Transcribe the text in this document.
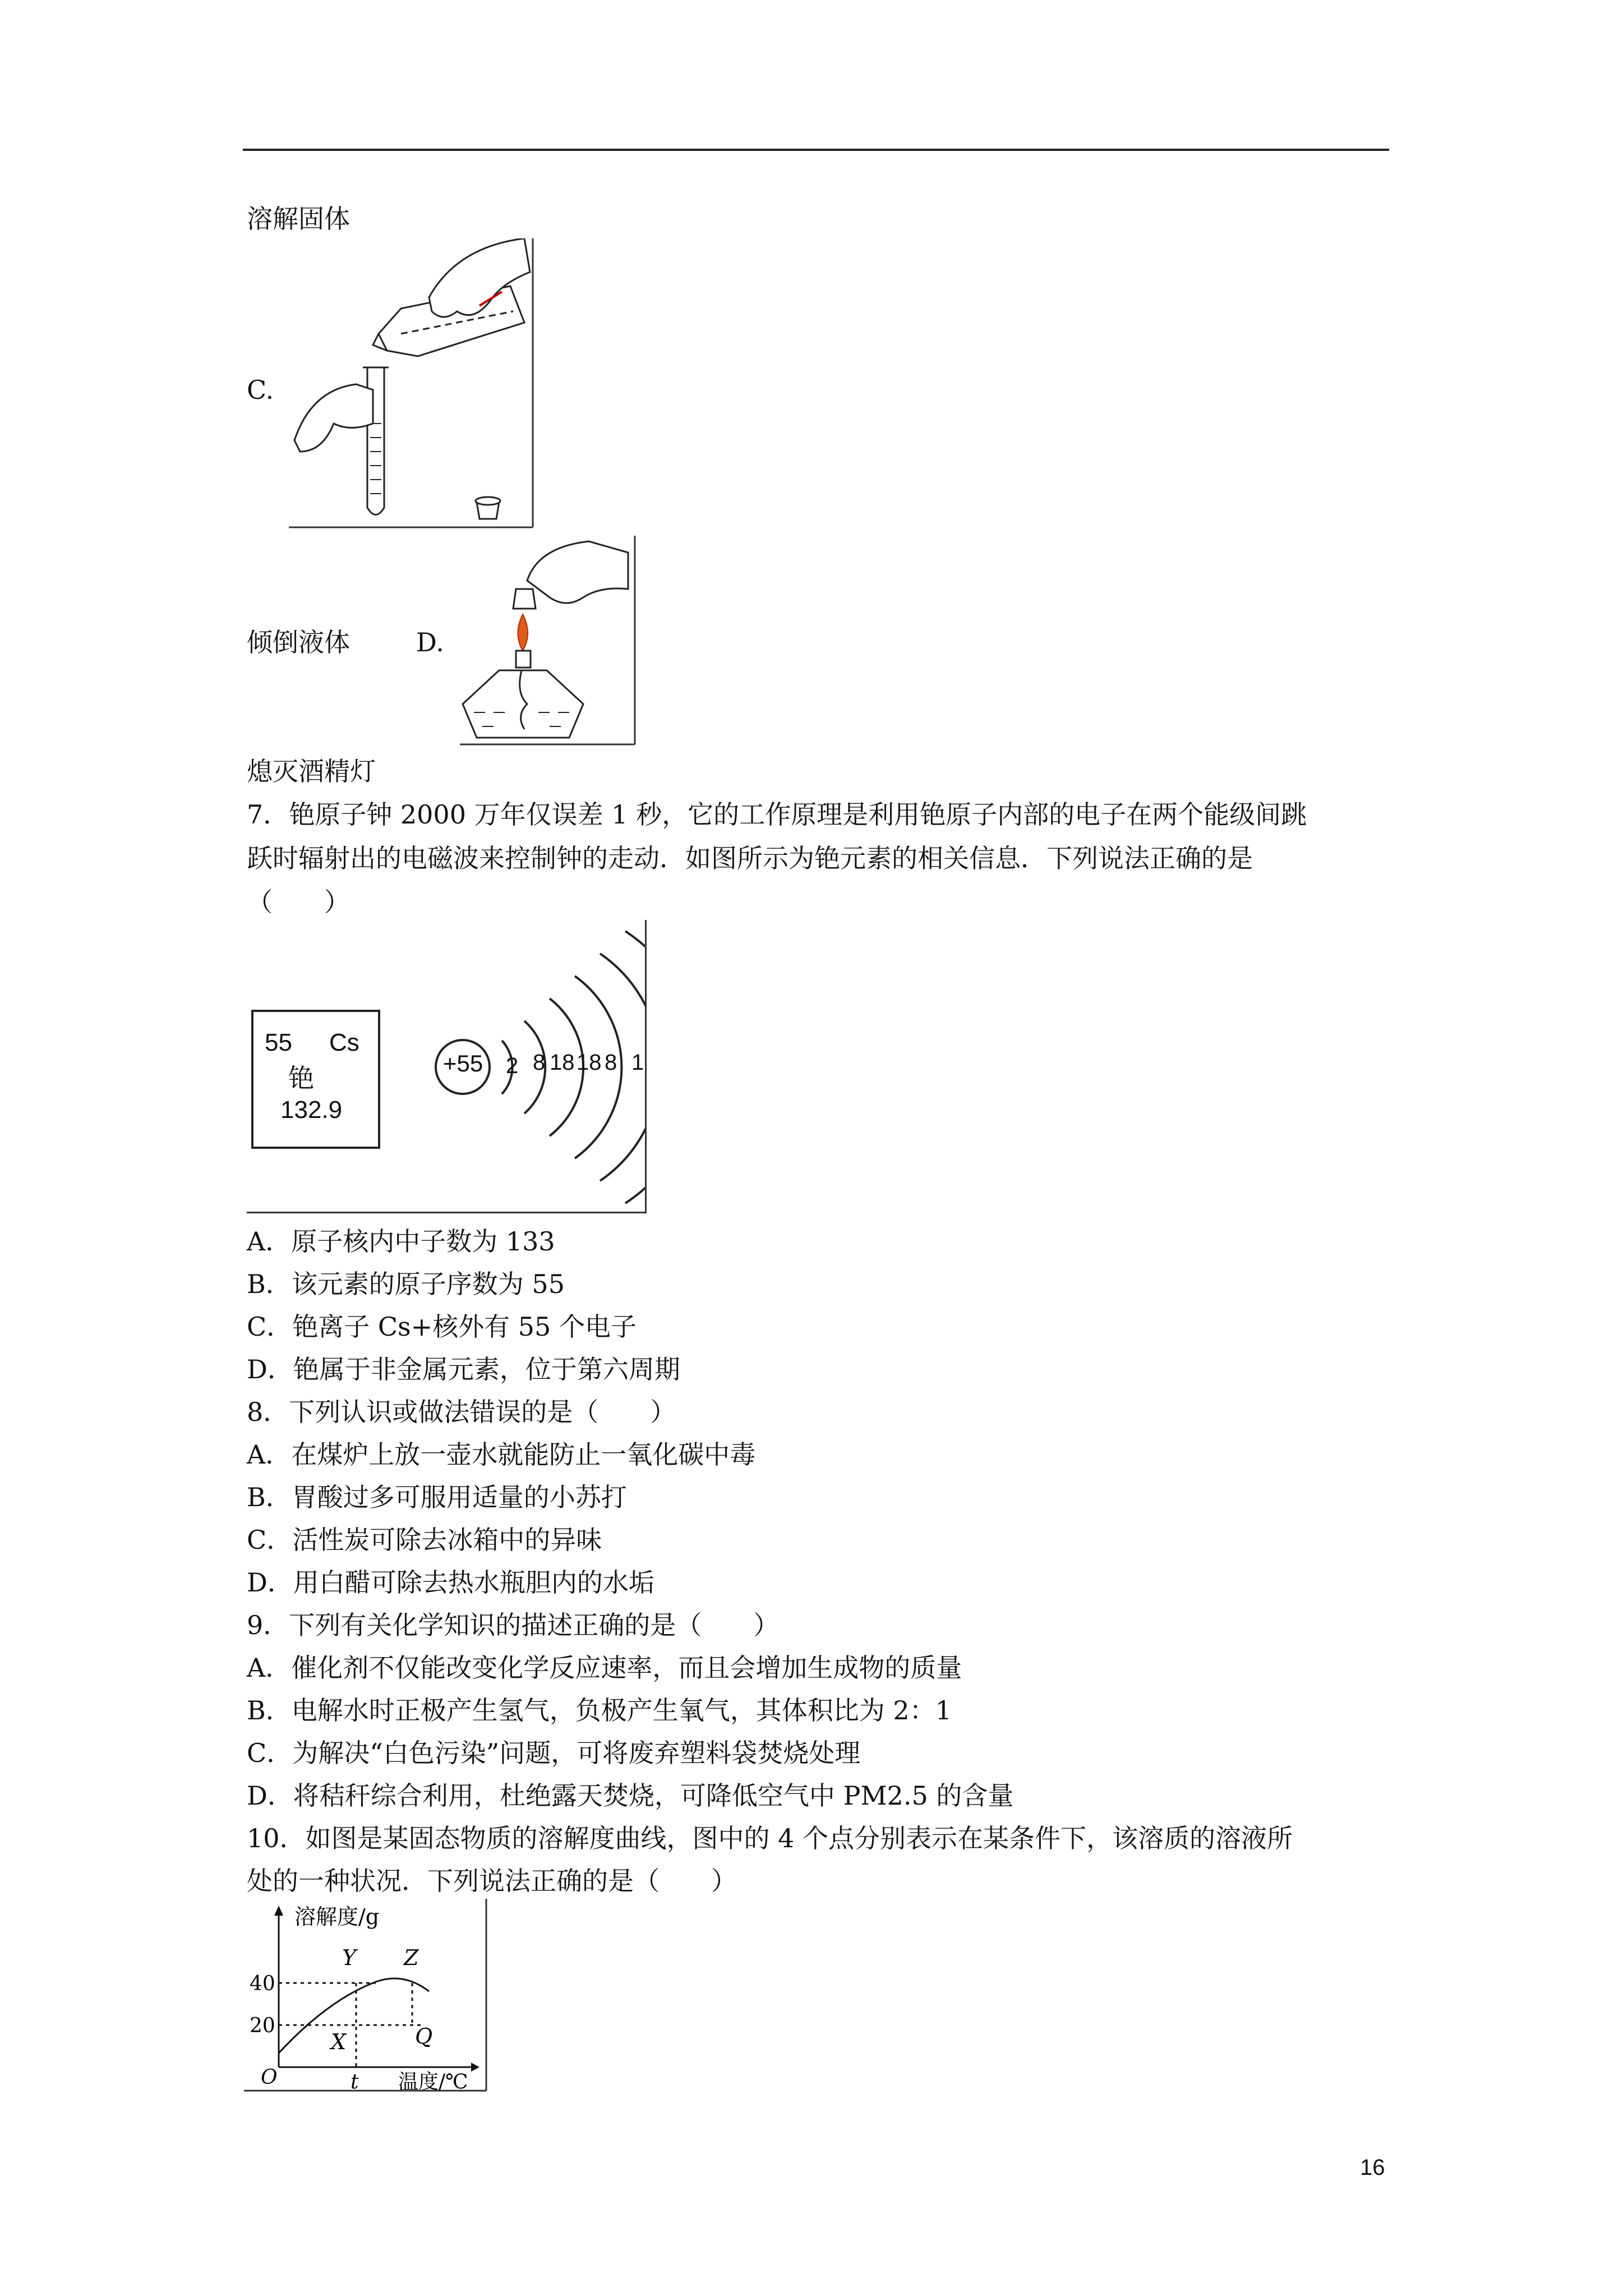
溶解固体
C.
倾倒液体	D.
熄灭酒精灯
7．铯原子钟 2000 万年仅误差 1 秒，它的工作原理是利用铯原子内部的电子在两个能级间跳
跃时辐射出的电磁波来控制钟的走动．如图所示为铯元素的相关信息．下列说法正确的是
（　　）
55 Cs
铯
132.9
+55 2 8 18 18 8 1
A．原子核内中子数为 133
B．该元素的原子序数为 55
C．铯离子 Cs+核外有 55 个电子
D．铯属于非金属元素，位于第六周期
8．下列认识或做法错误的是（　　）
A．在煤炉上放一壶水就能防止一氧化碳中毒
B．胃酸过多可服用适量的小苏打
C．活性炭可除去冰箱中的异味
D．用白醋可除去热水瓶胆内的水垢
9．下列有关化学知识的描述正确的是（　　）
A．催化剂不仅能改变化学反应速率，而且会增加生成物的质量
B．电解水时正极产生氢气，负极产生氧气，其体积比为 2：1
C．为解决“白色污染”问题，可将废弃塑料袋焚烧处理
D．将秸秆综合利用，杜绝露天焚烧，可降低空气中 PM2.5 的含量
10．如图是某固态物质的溶解度曲线，图中的 4 个点分别表示在某条件下，该溶质的溶液所
处的一种状况．下列说法正确的是（　　）
溶解度/g
温度/℃
O
40
20
t
Y Z
X	Q
16
